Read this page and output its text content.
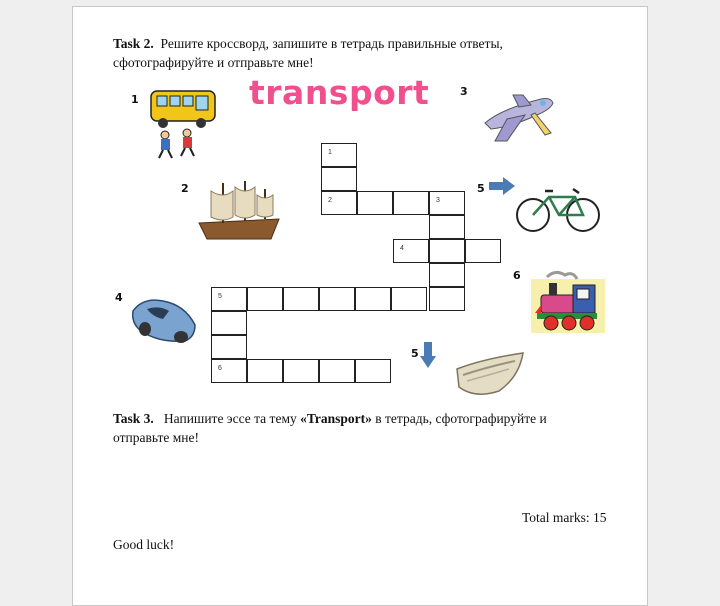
Task 2. Решите кроссворд, запишите в тетрадь правильные ответы, сфотографируйте и отправьте мне!
transport
1
2
3
4
5
5
6
1
2	3
4
5
6
Task 3. Напишите эссе та тему «Transport» в тетрадь, сфотографируйте и отправьте мне!
Total marks: 15
Good luck!
